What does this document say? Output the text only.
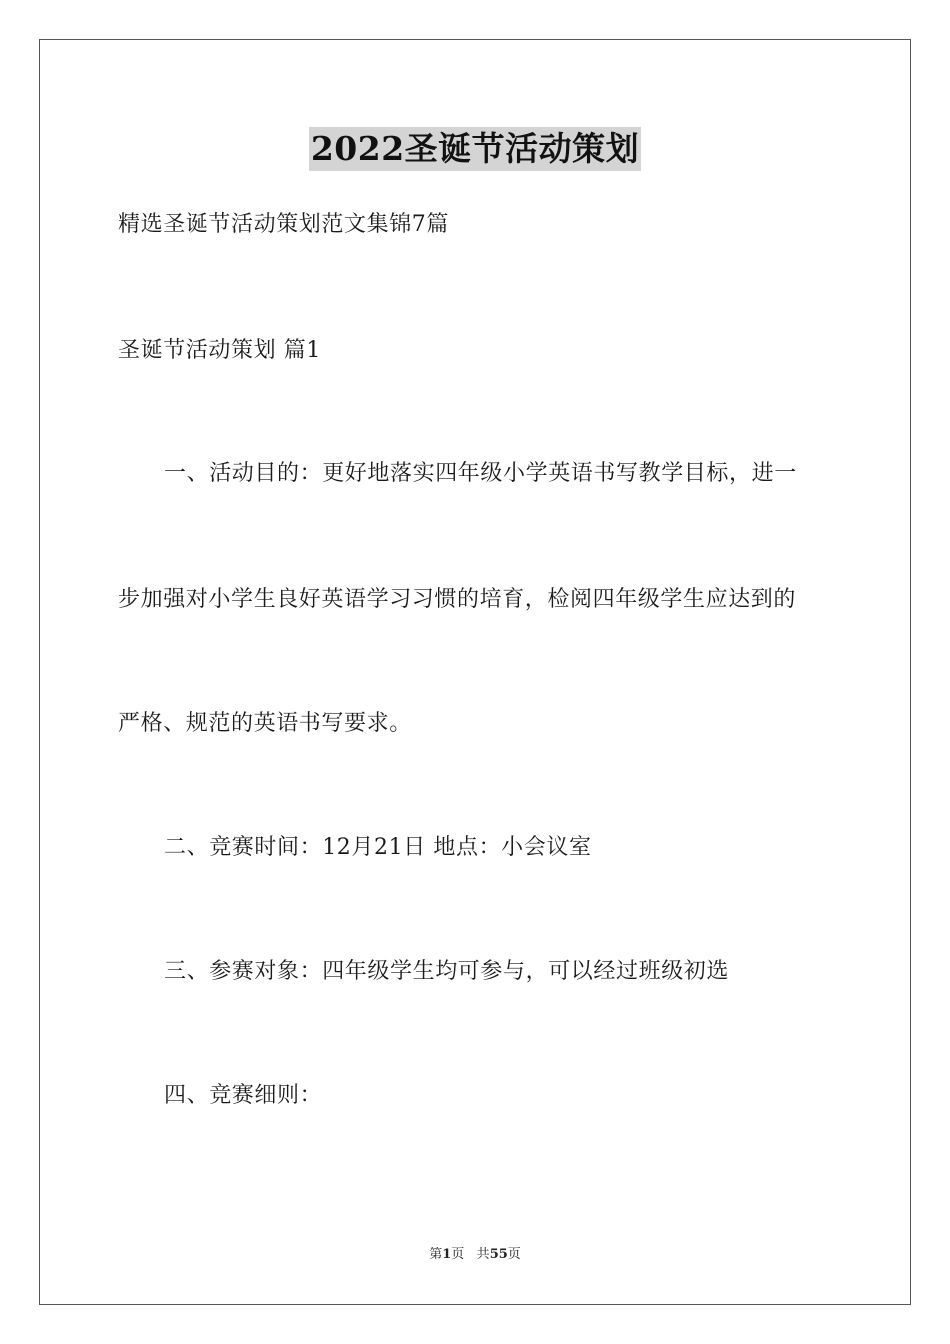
2022圣诞节活动策划

精选圣诞节活动策划范文集锦7篇

圣诞节活动策划 篇1

一、活动目的：更好地落实四年级小学英语书写教学目标，进一

步加强对小学生良好英语学习习惯的培育，检阅四年级学生应达到的

严格、规范的英语书写要求。

二、竞赛时间：12月21日 地点：小会议室

三、参赛对象：四年级学生均可参与，可以经过班级初选

四、竞赛细则：

第1页 共55页
